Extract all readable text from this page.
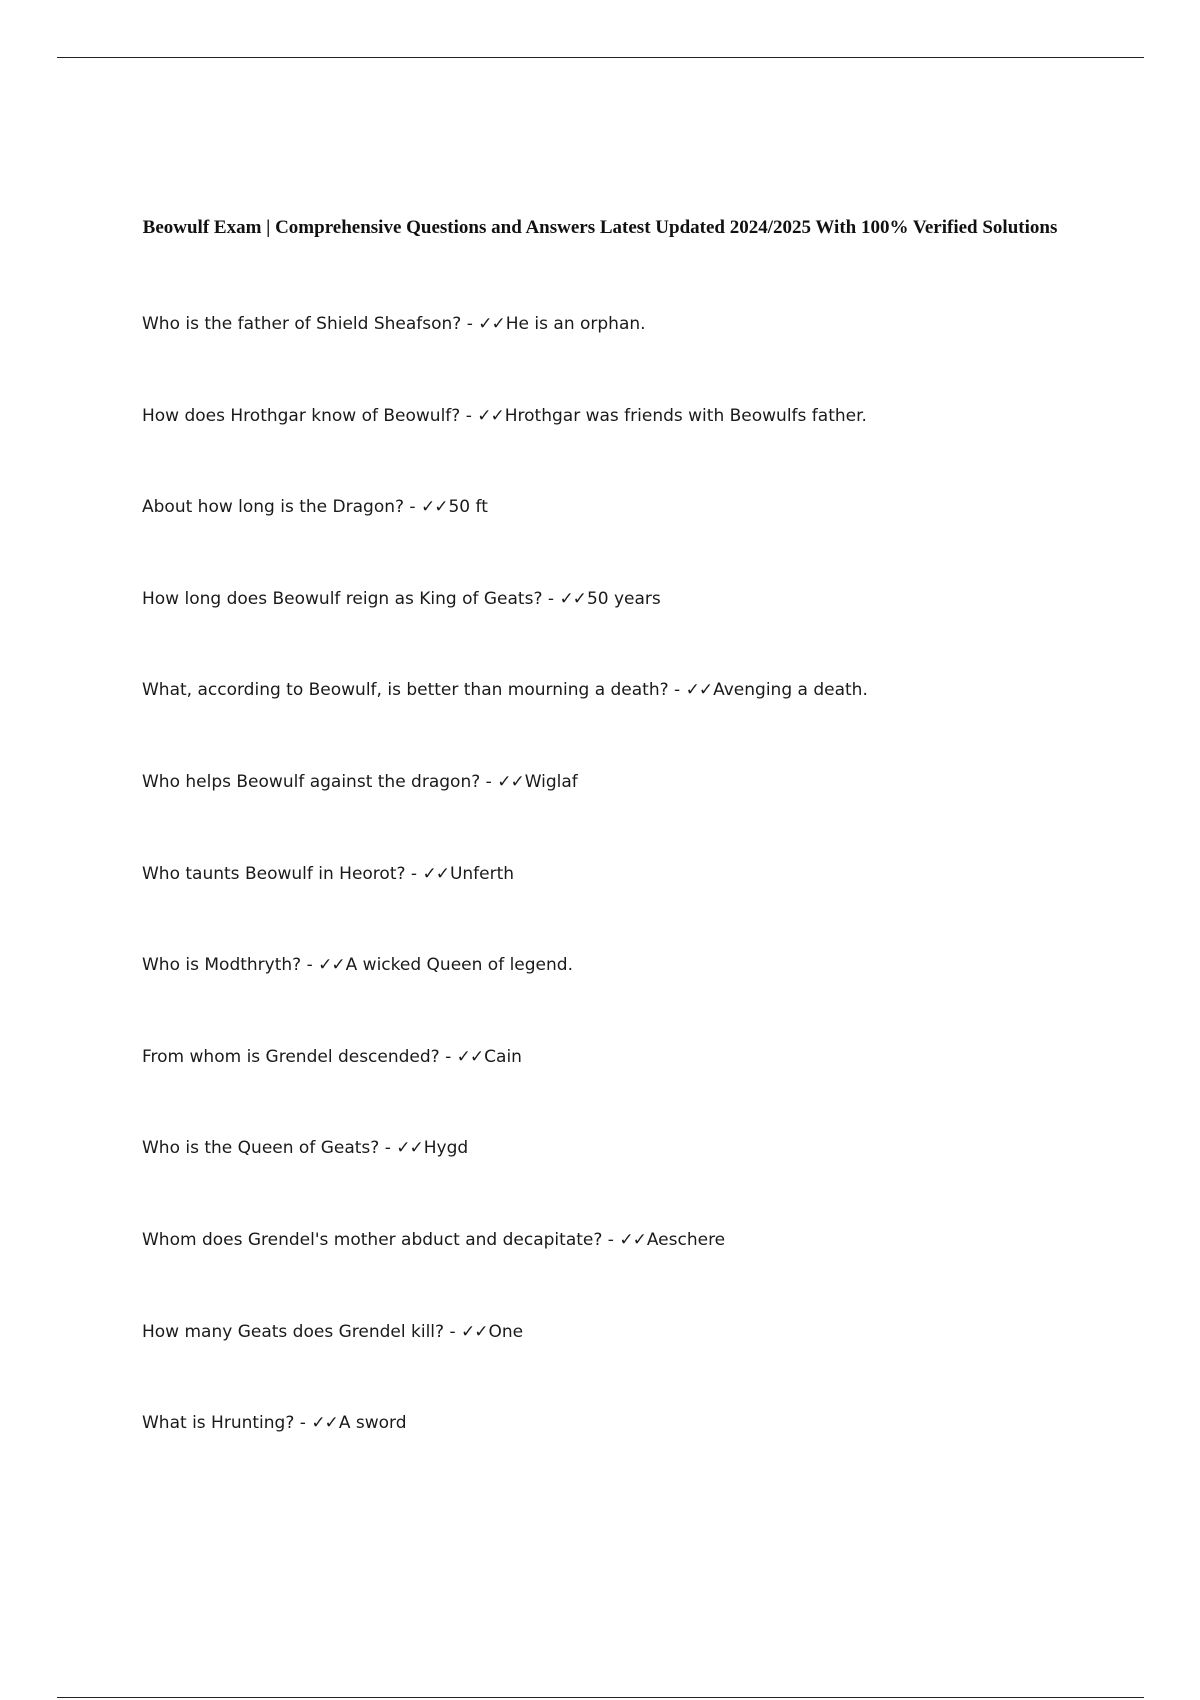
Beowulf Exam | Comprehensive Questions and Answers Latest Updated 2024/2025 With 100% Verified Solutions
Who is the father of Shield Sheafson? - ✓✓He is an orphan.
How does Hrothgar know of Beowulf? - ✓✓Hrothgar was friends with Beowulfs father.
About how long is the Dragon? - ✓✓50 ft
How long does Beowulf reign as King of Geats? - ✓✓50 years
What, according to Beowulf, is better than mourning a death? - ✓✓Avenging a death.
Who helps Beowulf against the dragon? - ✓✓Wiglaf
Who taunts Beowulf in Heorot? - ✓✓Unferth
Who is Modthryth? - ✓✓A wicked Queen of legend.
From whom is Grendel descended? - ✓✓Cain
Who is the Queen of Geats? - ✓✓Hygd
Whom does Grendel's mother abduct and decapitate? - ✓✓Aeschere
How many Geats does Grendel kill? - ✓✓One
What is Hrunting? - ✓✓A sword
